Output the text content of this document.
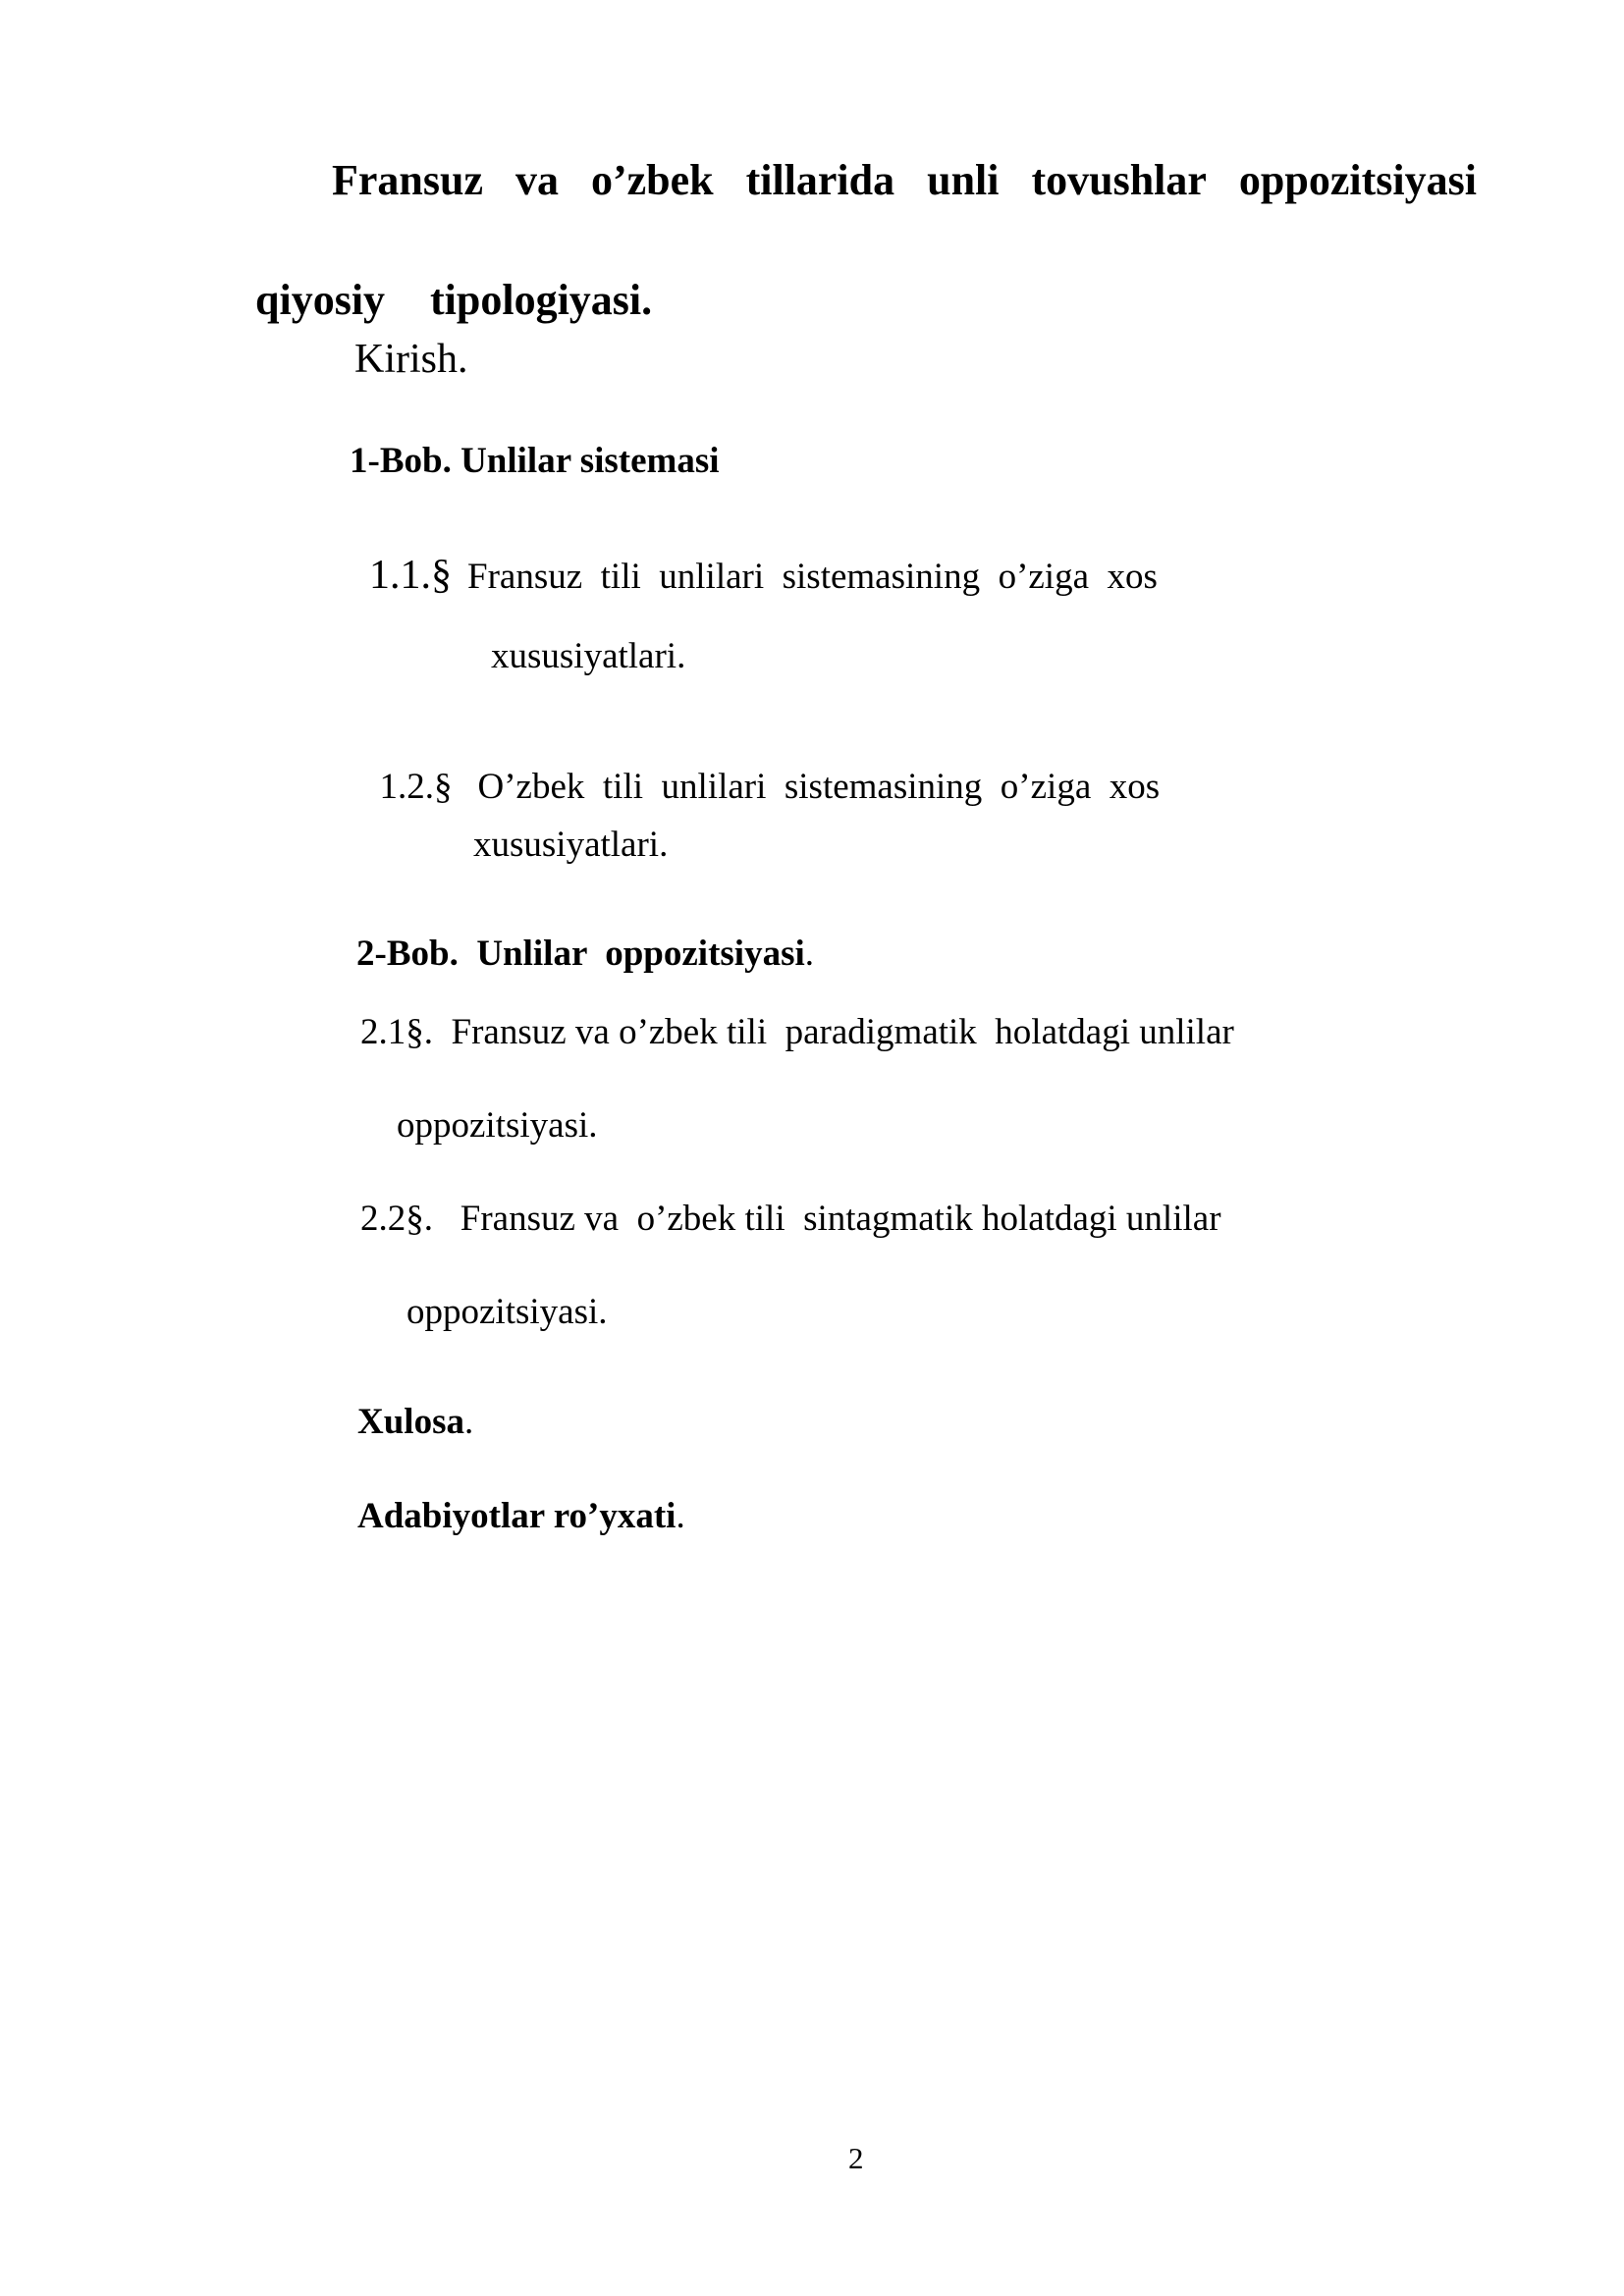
Fransuz va o’zbek tillarida unli tovushlar oppozitsiyasi

qiyosiy	tipologiyasi.

Kirish.
1-Bob. Unlilar sistemasi

1.1.§ Fransuz  tili  unlilari  sistemasining  o’ziga  xos

xususiyatlari.

1.2.§ O’zbek  tili  unlilari  sistemasining  o’ziga  xos

xususiyatlari.

2-Bob.  Unlilar  oppozitsiyasi.

2.1§.  Fransuz va o’zbek tili  paradigmatik  holatdagi unlilar
oppozitsiyasi.
2.2§.   Fransuz va  o’zbek tili  sintagmatik holatdagi unlilar
oppozitsiyasi.

Xulosa.

Adabiyotlar ro’yxati.

2
